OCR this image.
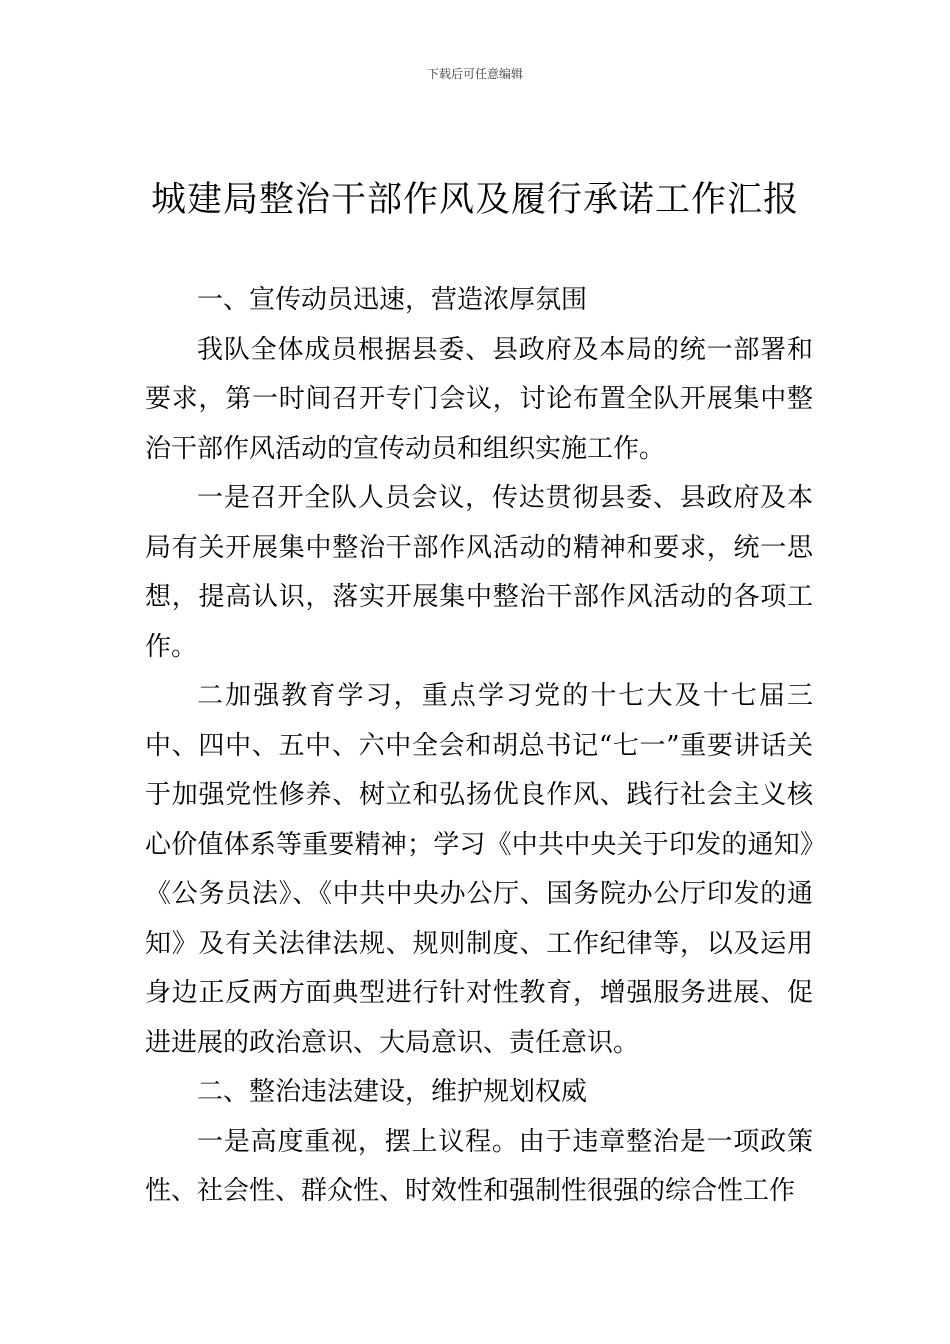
下载后可任意编辑
城建局整治干部作风及履行承诺工作汇报

一、宣传动员迅速，营造浓厚氛围

我队全体成员根据县委、县政府及本局的统一部署和要求，第一时间召开专门会议，讨论布置全队开展集中整治干部作风活动的宣传动员和组织实施工作。

一是召开全队人员会议，传达贯彻县委、县政府及本局有关开展集中整治干部作风活动的精神和要求，统一思想，提高认识，落实开展集中整治干部作风活动的各项工作。

二加强教育学习，重点学习党的十七大及十七届三中、四中、五中、六中全会和胡总书记“七一”重要讲话关于加强党性修养、树立和弘扬优良作风、践行社会主义核心价值体系等重要精神；学习《中共中央关于印发的通知》《公务员法》、《中共中央办公厅、国务院办公厅印发的通知》及有关法律法规、规则制度、工作纪律等，以及运用身边正反两方面典型进行针对性教育，增强服务进展、促进进展的政治意识、大局意识、责任意识。

二、整治违法建设，维护规划权威

一是高度重视，摆上议程。由于违章整治是一项政策性、社会性、群众性、时效性和强制性很强的综合性工作
